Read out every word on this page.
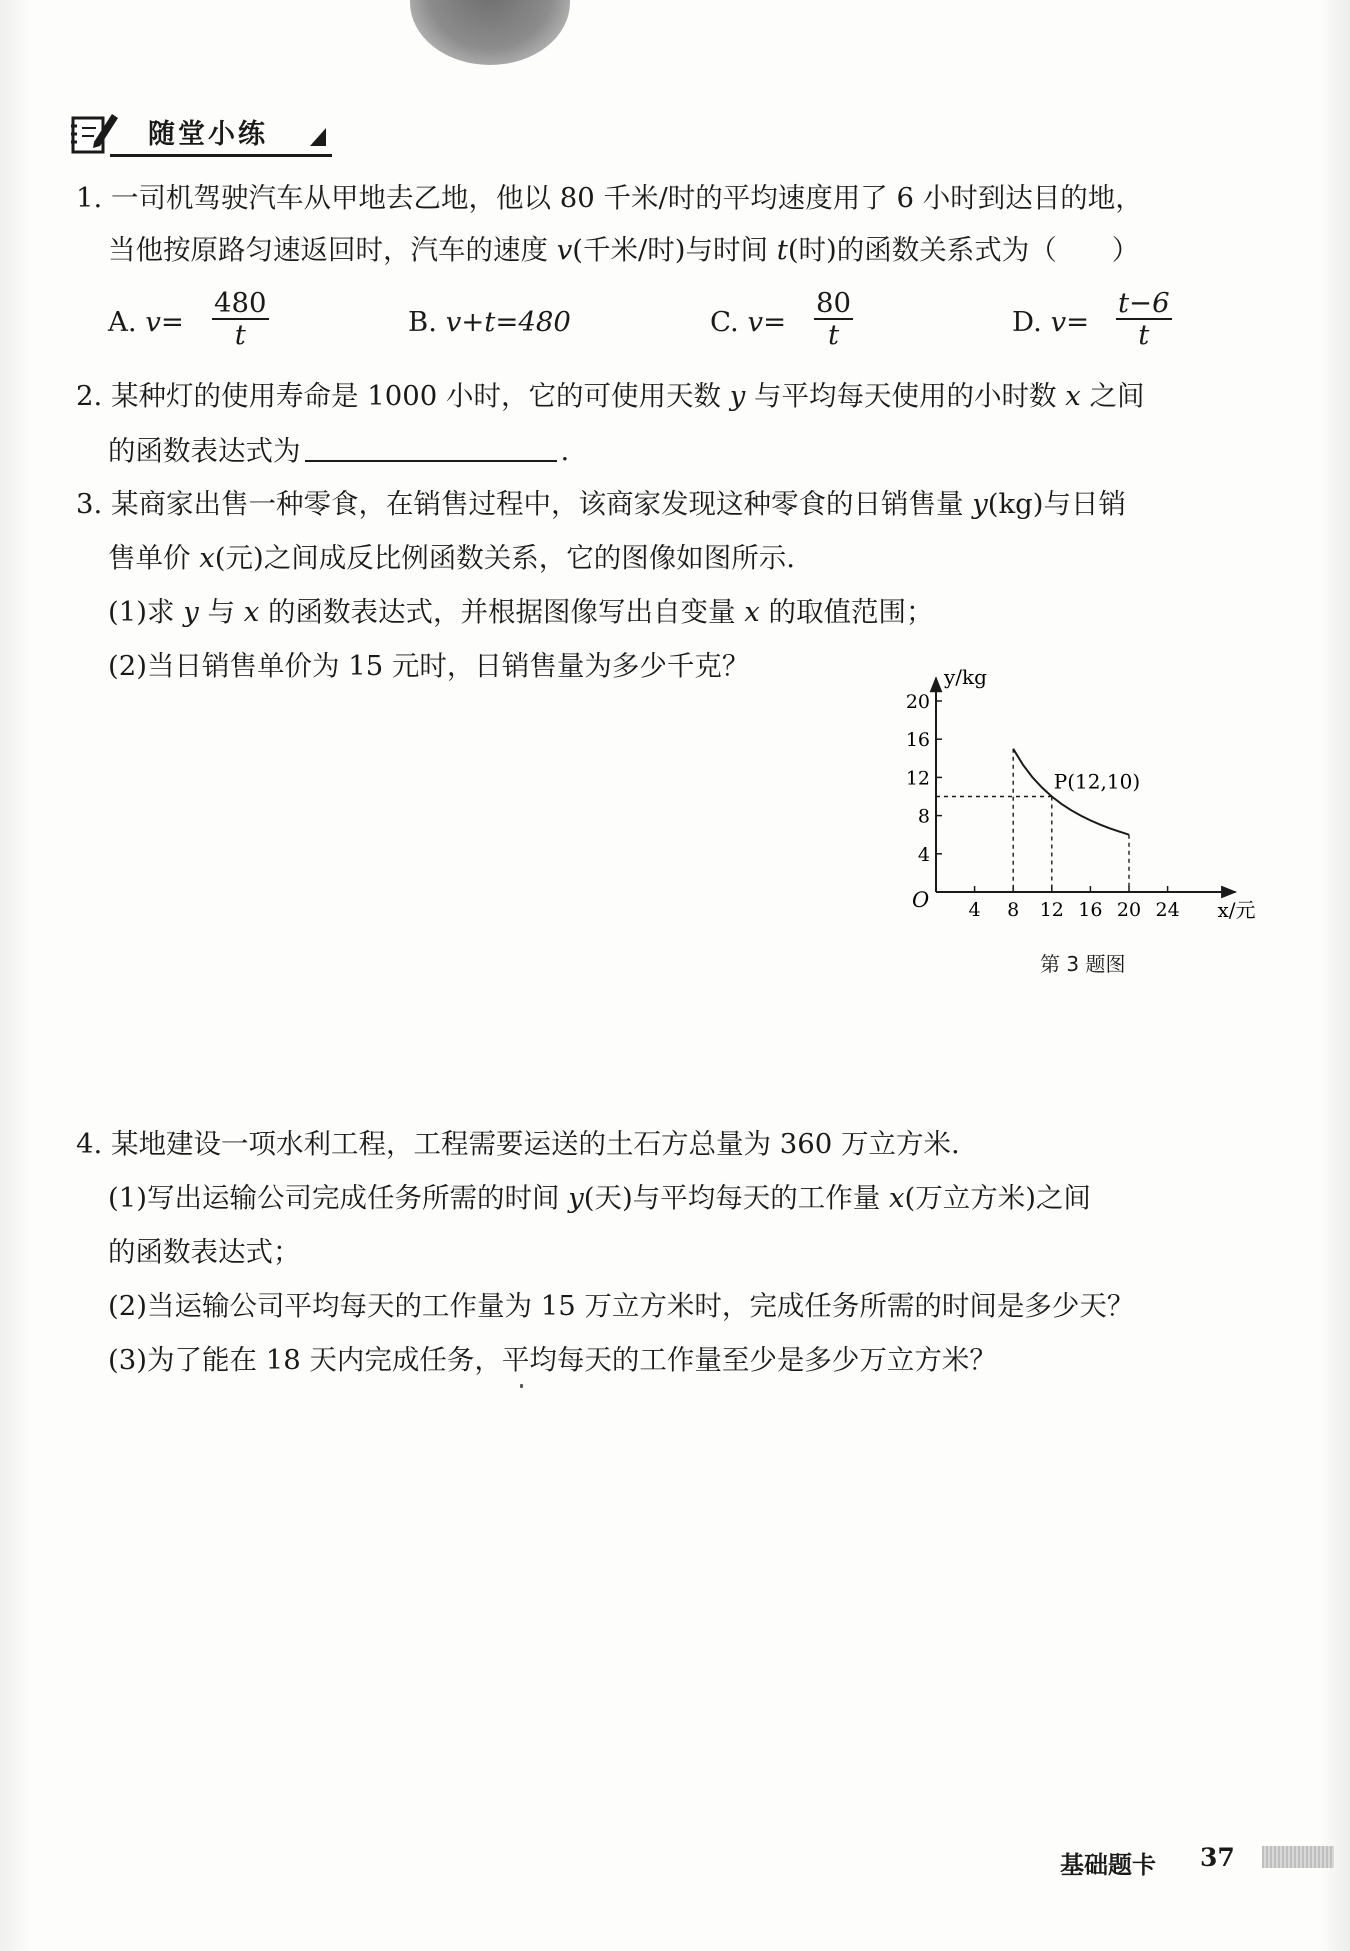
随堂小练
1. 一司机驾驶汽车从甲地去乙地，他以 80 千米/时的平均速度用了 6 小时到达目的地，
当他按原路匀速返回时，汽车的速度 v(千米/时)与时间 t(时)的函数关系式为（　　）
A. $v= \frac{480}{t}$	B. v+t=480	C. $v= \frac{80}{t}$	D. $v= \frac{t-6}{t}$
2. 某种灯的使用寿命是 1000 小时，它的可使用天数 y 与平均每天使用的小时数 x 之间
的函数表达式为	.
3. 某商家出售一种零食，在销售过程中，该商家发现这种零食的日销售量 y(kg)与日销
售单价 x(元)之间成反比例函数关系，它的图像如图所示.
(1)求 y 与 x 的函数表达式，并根据图像写出自变量 x 的取值范围；
(2)当日销售单价为 15 元时，日销售量为多少千克？
4 8 12 16 20 24
4
8
12
16
20
O
y/kg
x/元
P(12,10)
第 3 题图
4. 某地建设一项水利工程，工程需要运送的土石方总量为 360 万立方米.
(1)写出运输公司完成任务所需的时间 y(天)与平均每天的工作量 x(万立方米)之间
的函数表达式；
(2)当运输公司平均每天的工作量为 15 万立方米时，完成任务所需的时间是多少天？
(3)为了能在 18 天内完成任务，平均每天的工作量至少是多少万立方米？
基础题卡 37
